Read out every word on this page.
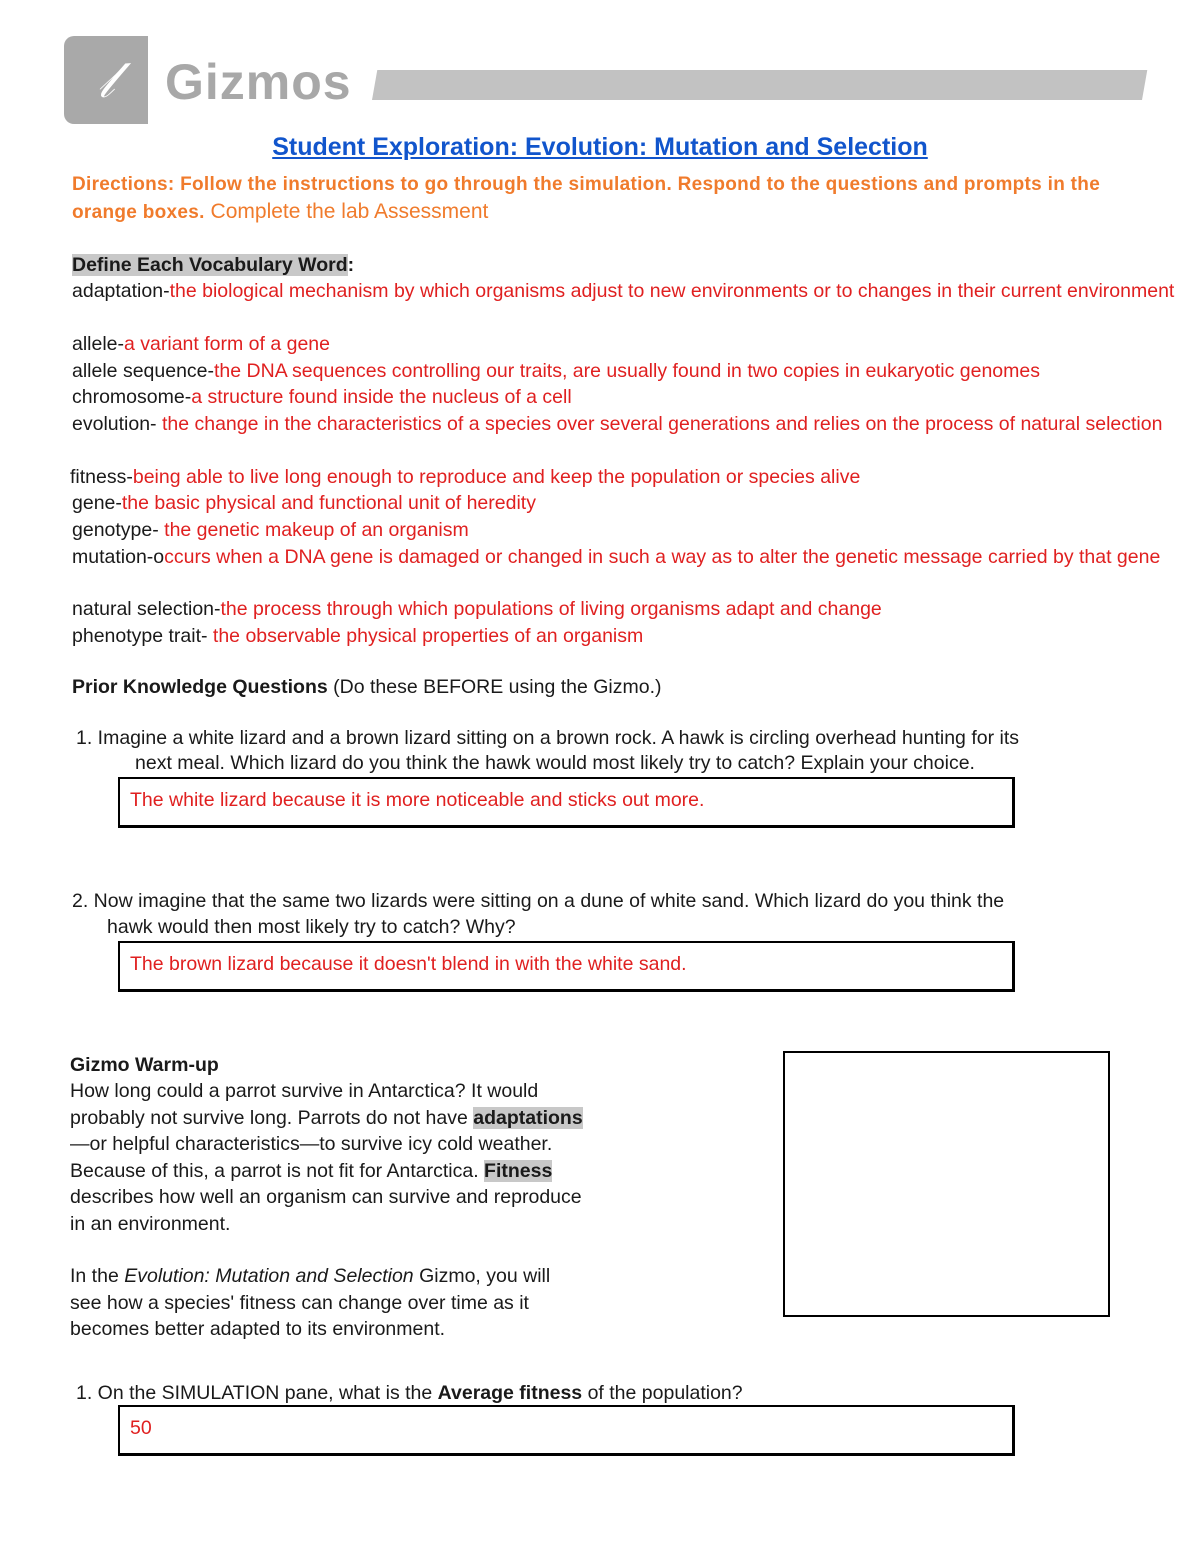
𝓁	Gizmos
Student Exploration: Evolution: Mutation and Selection
Directions: Follow the instructions to go through the simulation. Respond to the questions and prompts in the orange boxes. Complete the lab Assessment
Define Each Vocabulary Word:
adaptation-the biological mechanism by which organisms adjust to new environments or to changes in their current environment
allele-a variant form of a gene
allele sequence-the DNA sequences controlling our traits, are usually found in two copies in eukaryotic genomes
chromosome-a structure found inside the nucleus of a cell
evolution- the change in the characteristics of a species over several generations and relies on the process of natural selection
fitness-being able to live long enough to reproduce and keep the population or species alive
gene-the basic physical and functional unit of heredity
genotype- the genetic makeup of an organism
mutation-occurs when a DNA gene is damaged or changed in such a way as to alter the genetic message carried by that gene
natural selection-the process through which populations of living organisms adapt and change
phenotype trait- the observable physical properties of an organism
Prior Knowledge Questions (Do these BEFORE using the Gizmo.)
1. Imagine a white lizard and a brown lizard sitting on a brown rock. A hawk is circling overhead hunting for its
next meal. Which lizard do you think the hawk would most likely try to catch? Explain your choice.
The white lizard because it is more noticeable and sticks out more.
2. Now imagine that the same two lizards were sitting on a dune of white sand. Which lizard do you think the
hawk would then most likely try to catch? Why?
The brown lizard because it doesn't blend in with the white sand.
Gizmo Warm-up
How long could a parrot survive in Antarctica? It would probably not survive long. Parrots do not have adaptations—or helpful characteristics—to survive icy cold weather. Because of this, a parrot is not fit for Antarctica. Fitness describes how well an organism can survive and reproduce in an environment.
In the Evolution: Mutation and Selection Gizmo, you will see how a species' fitness can change over time as it becomes better adapted to its environment.
1. On the SIMULATION pane, what is the Average fitness of the population?
50
